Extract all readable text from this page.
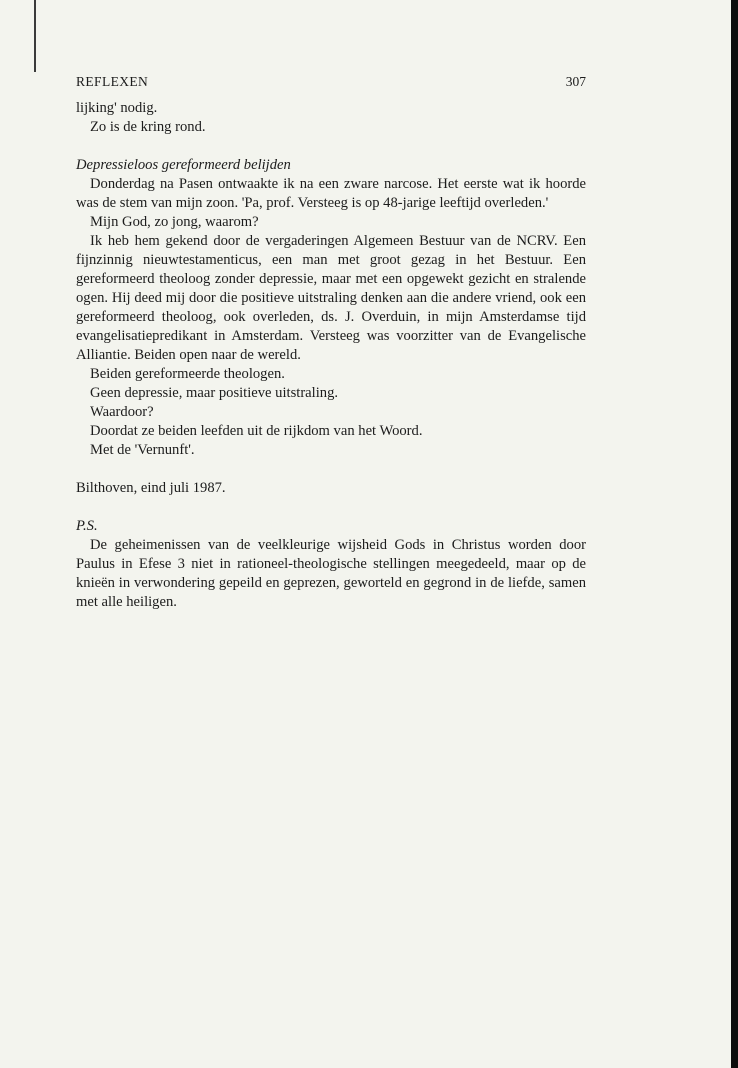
REFLEXEN	307

lijking' nodig.

Zo is de kring rond.

Depressieloos gereformeerd belijden

Donderdag na Pasen ontwaakte ik na een zware narcose. Het eerste wat ik hoorde was de stem van mijn zoon. 'Pa, prof. Versteeg is op 48-jarige leeftijd overleden.'

Mijn God, zo jong, waarom?

Ik heb hem gekend door de vergaderingen Algemeen Bestuur van de NCRV. Een fijnzinnig nieuwtestamenticus, een man met groot gezag in het Bestuur. Een gereformeerd theoloog zonder depressie, maar met een opgewekt gezicht en stralende ogen. Hij deed mij door die positieve uitstraling denken aan die andere vriend, ook een gereformeerd theoloog, ook overleden, ds. J. Overduin, in mijn Amsterdamse tijd evangelisatiepredikant in Amsterdam. Versteeg was voorzitter van de Evangelische Alliantie. Beiden open naar de wereld.

Beiden gereformeerde theologen.

Geen depressie, maar positieve uitstraling.

Waardoor?

Doordat ze beiden leefden uit de rijkdom van het Woord.

Met de 'Vernunft'.

Bilthoven, eind juli 1987.

P.S.

De geheimenissen van de veelkleurige wijsheid Gods in Christus worden door Paulus in Efese 3 niet in rationeel-theologische stellingen meegedeeld, maar op de knieën in verwondering gepeild en geprezen, geworteld en gegrond in de liefde, samen met alle heiligen.
